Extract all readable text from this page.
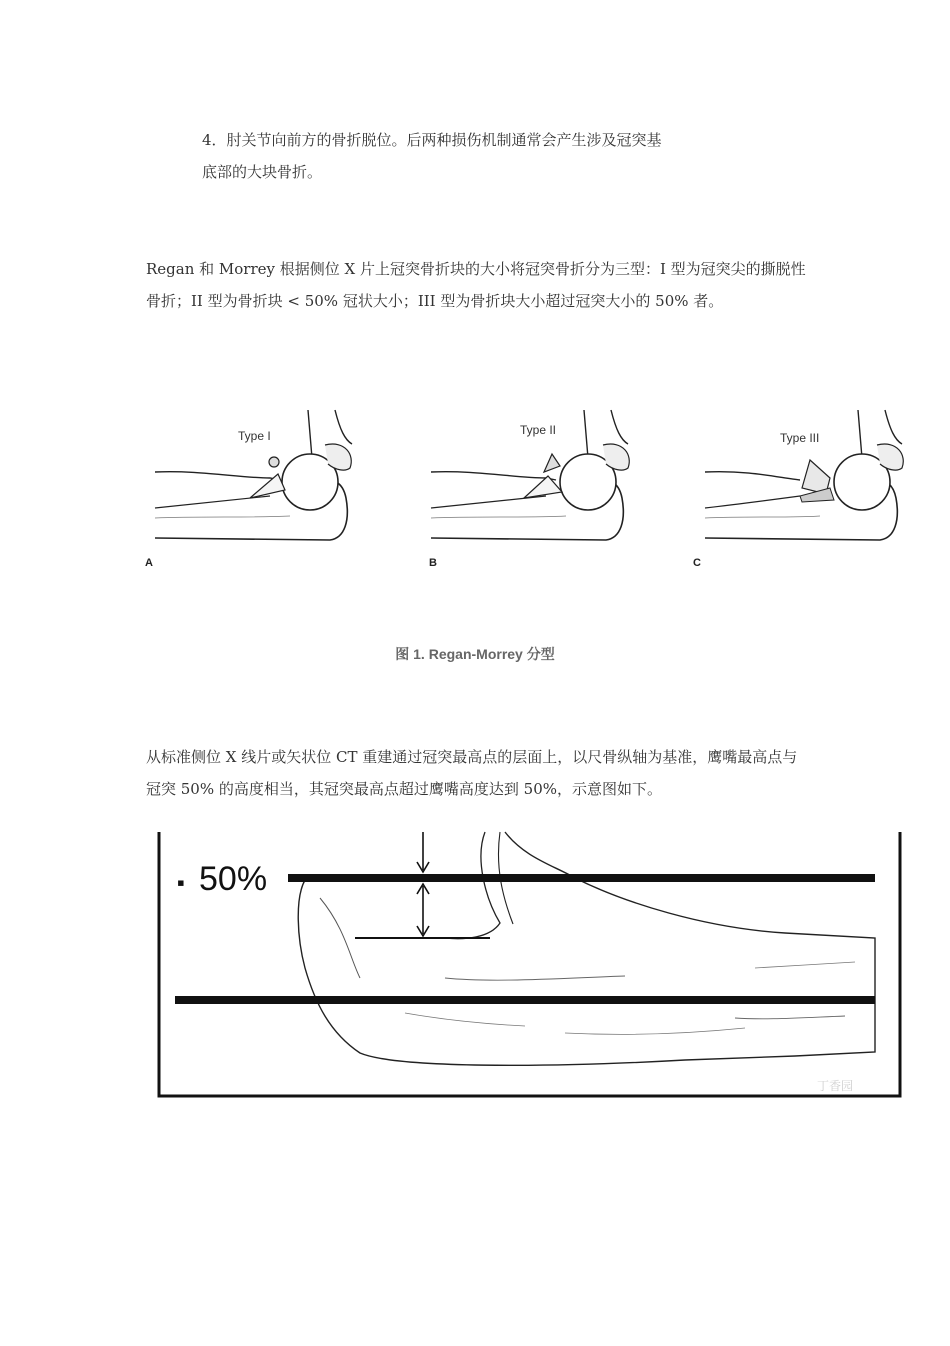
4．肘关节向前方的骨折脱位。后两种损伤机制通常会产生涉及冠突基
底部的大块骨折。
Regan 和 Morrey 根据侧位 X 片上冠突骨折块的大小将冠突骨折分为三型：I 型为冠突尖的撕脱性骨折；II 型为骨折块 < 50% 冠状大小；III 型为骨折块大小超过冠突大小的 50% 者。
Type I
A
Type II
B
Type III
C
图 1. Regan-Morrey 分型
从标准侧位 X 线片或矢状位 CT 重建通过冠突最高点的层面上，以尺骨纵轴为基准，鹰嘴最高点与冠突 50% 的高度相当，其冠突最高点超过鹰嘴高度达到 50%，示意图如下。
▪ 50%
丁香园
